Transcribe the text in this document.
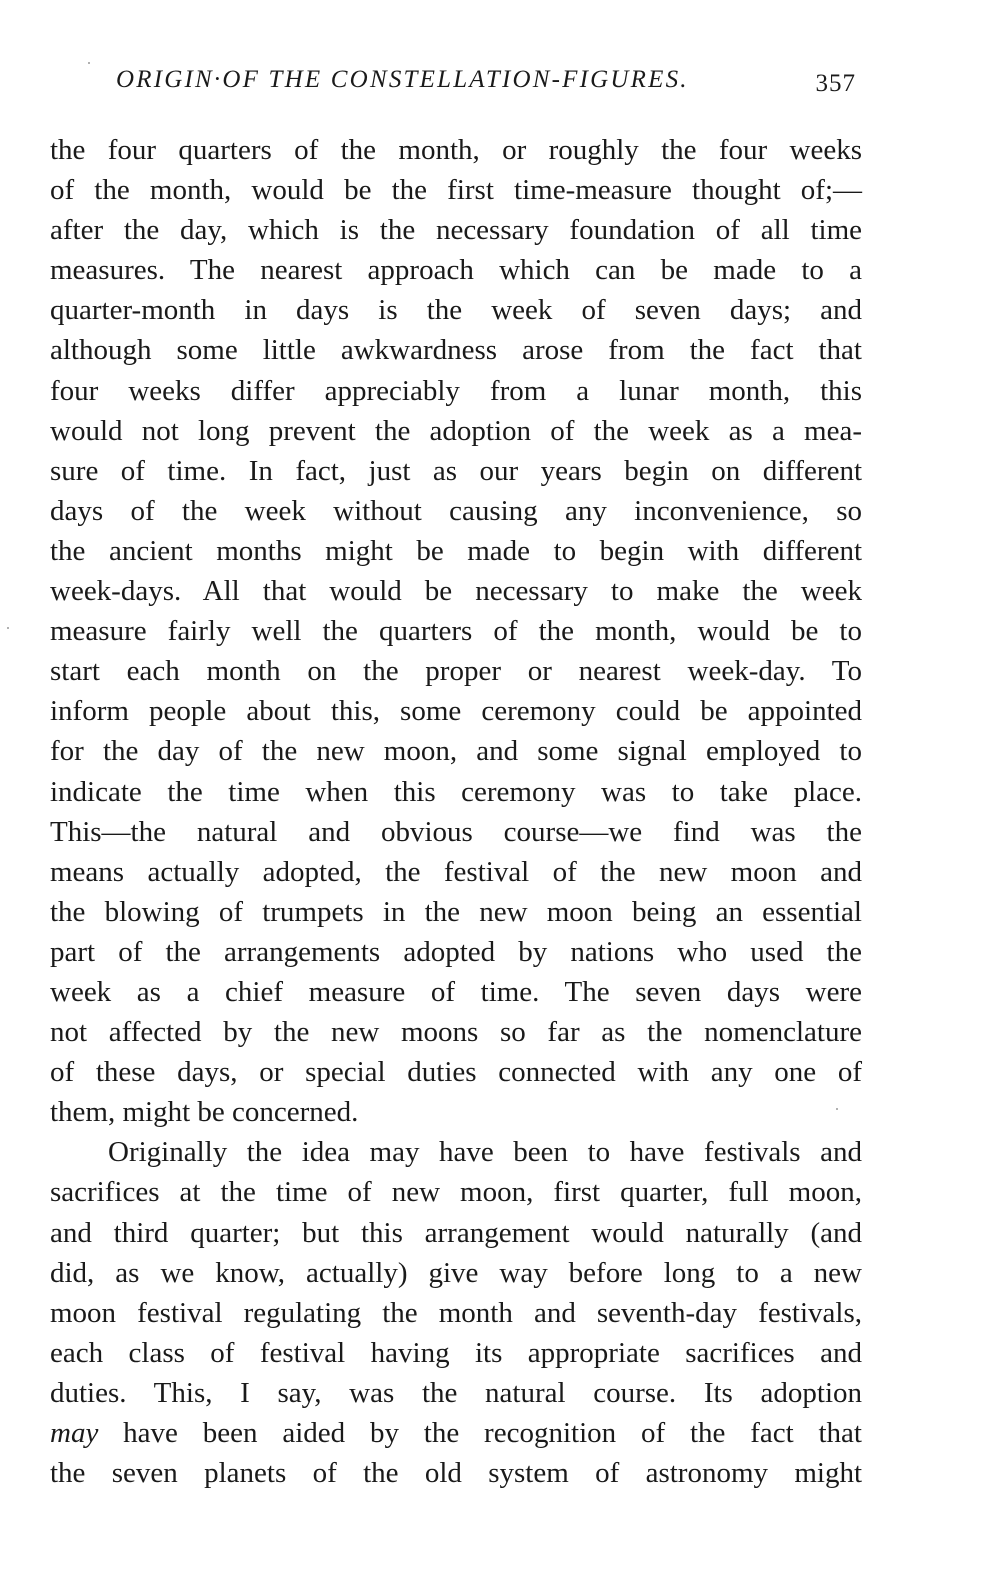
ORIGIN·OF THE CONSTELLATION-FIGURES.	357
the four quarters of the month, or roughly the four weeks
of the month, would be the first time-measure thought of;—
after the day, which is the necessary foundation of all time
measures. The nearest approach which can be made to a
quarter-month in days is the week of seven days; and
although some little awkwardness arose from the fact that
four weeks differ appreciably from a lunar month, this
would not long prevent the adoption of the week as a mea-
sure of time. In fact, just as our years begin on different
days of the week without causing any inconvenience, so
the ancient months might be made to begin with different
week-days. All that would be necessary to make the week
measure fairly well the quarters of the month, would be to
start each month on the proper or nearest week-day. To
inform people about this, some ceremony could be appointed
for the day of the new moon, and some signal employed to
indicate the time when this ceremony was to take place.
This—the natural and obvious course—we find was the
means actually adopted, the festival of the new moon and
the blowing of trumpets in the new moon being an essential
part of the arrangements adopted by nations who used the
week as a chief measure of time. The seven days were
not affected by the new moons so far as the nomenclature
of these days, or special duties connected with any one of
them, might be concerned.
Originally the idea may have been to have festivals and
sacrifices at the time of new moon, first quarter, full moon,
and third quarter; but this arrangement would naturally (and
did, as we know, actually) give way before long to a new
moon festival regulating the month and seventh-day festivals,
each class of festival having its appropriate sacrifices and
duties. This, I say, was the natural course. Its adoption
may have been aided by the recognition of the fact that
the seven planets of the old system of astronomy might
